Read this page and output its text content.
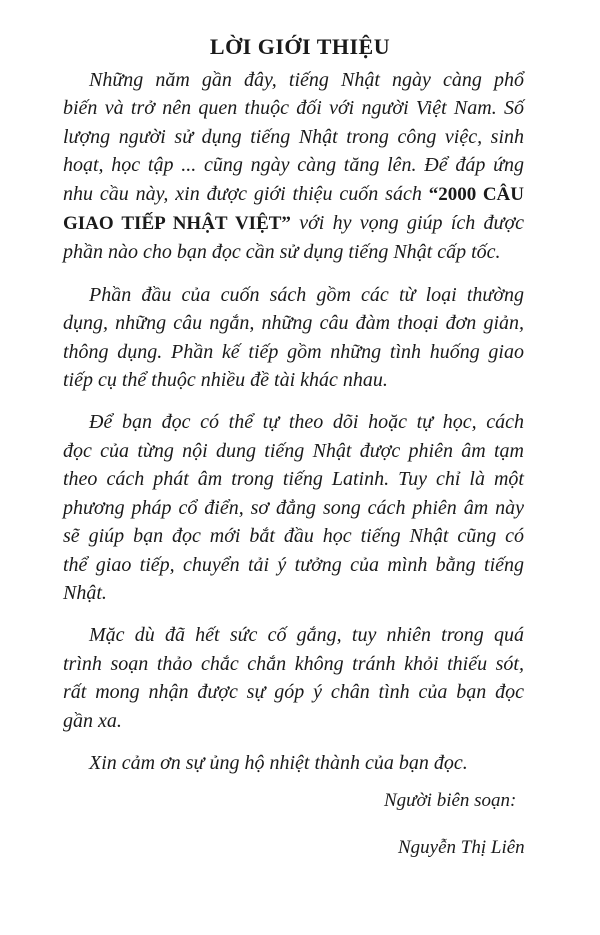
LỜI GIỚI THIỆU
Những năm gần đây, tiếng Nhật ngày càng phổ
biến và trở nên quen thuộc đối với người Việt Nam. Số
lượng người sử dụng tiếng Nhật trong công việc, sinh
hoạt, học tập ... cũng ngày càng tăng lên. Để đáp ứng
nhu cầu này, xin được giới thiệu cuốn sách “2000 CÂU
GIAO TIẾP NHẬT VIỆT” với hy vọng giúp ích được
phần nào cho bạn đọc cần sử dụng tiếng Nhật cấp tốc.
Phần đầu của cuốn sách gồm các từ loại thường
dụng, những câu ngắn, những câu đàm thoại đơn giản,
thông dụng. Phần kế tiếp gồm những tình huống giao
tiếp cụ thể thuộc nhiều đề tài khác nhau.
Để bạn đọc có thể tự theo dõi hoặc tự học, cách
đọc của từng nội dung tiếng Nhật được phiên âm tạm
theo cách phát âm trong tiếng Latinh. Tuy chỉ là một
phương pháp cổ điển, sơ đẳng song cách phiên âm này
sẽ giúp bạn đọc mới bắt đầu học tiếng Nhật cũng có
thể giao tiếp, chuyển tải ý tưởng của mình bằng tiếng
Nhật.
Mặc dù đã hết sức cố gắng, tuy nhiên trong quá
trình soạn thảo chắc chắn không tránh khỏi thiếu sót,
rất mong nhận được sự góp ý chân tình của bạn đọc
gần xa.
Xin cảm ơn sự ủng hộ nhiệt thành của bạn đọc.
Người biên soạn:
Nguyễn Thị Liên
